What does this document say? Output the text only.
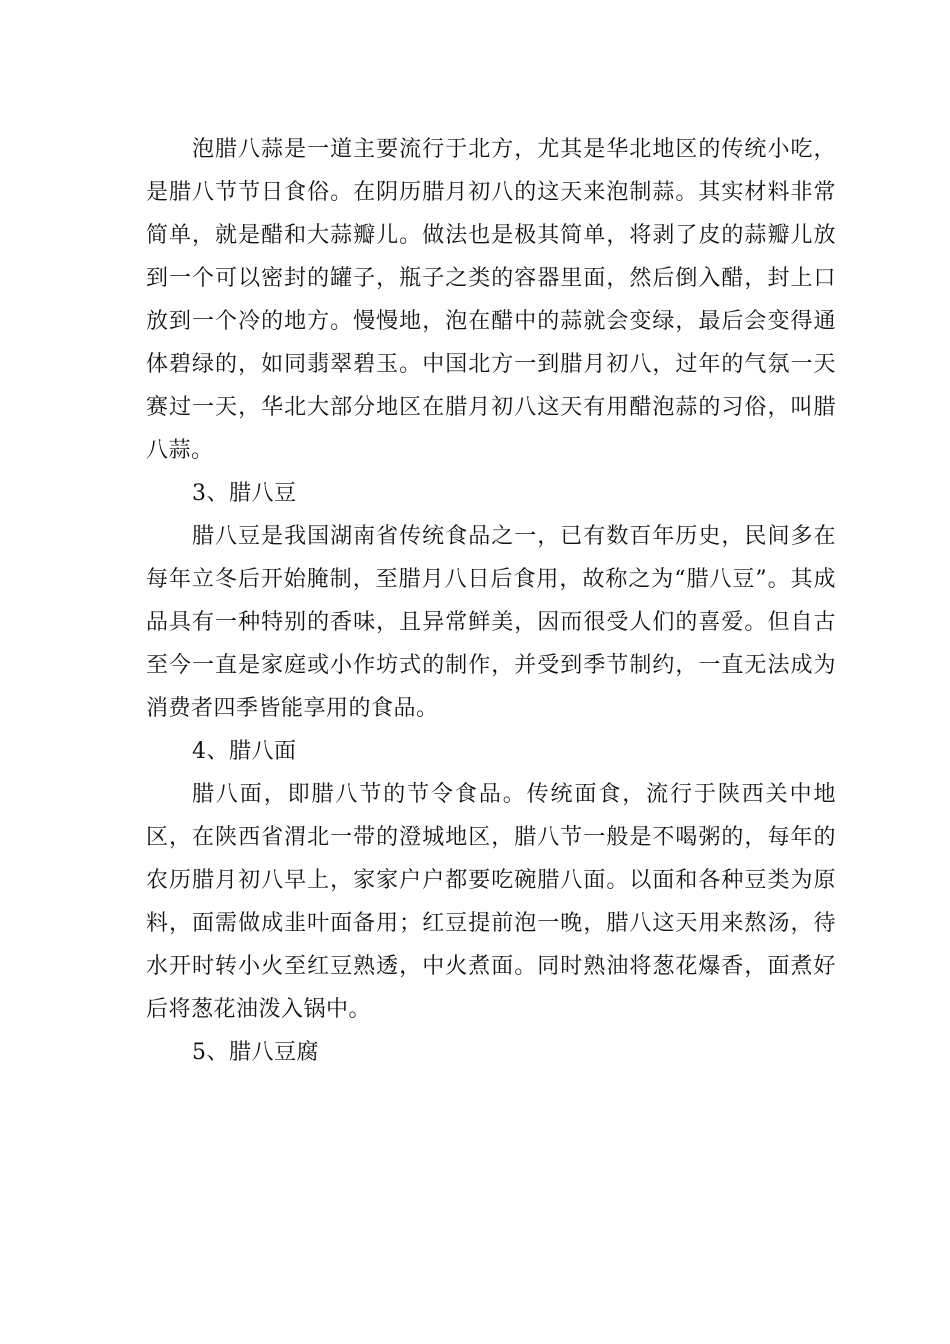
泡腊八蒜是一道主要流行于北方，尤其是华北地区的传统小吃，是腊八节节日食俗。在阴历腊月初八的这天来泡制蒜。其实材料非常简单，就是醋和大蒜瓣儿。做法也是极其简单，将剥了皮的蒜瓣儿放到一个可以密封的罐子，瓶子之类的容器里面，然后倒入醋，封上口放到一个冷的地方。慢慢地，泡在醋中的蒜就会变绿，最后会变得通体碧绿的，如同翡翠碧玉。中国北方一到腊月初八，过年的气氛一天赛过一天，华北大部分地区在腊月初八这天有用醋泡蒜的习俗，叫腊八蒜。

3、腊八豆

腊八豆是我国湖南省传统食品之一，已有数百年历史，民间多在每年立冬后开始腌制，至腊月八日后食用，故称之为“腊八豆”。其成品具有一种特别的香味，且异常鲜美，因而很受人们的喜爱。但自古至今一直是家庭或小作坊式的制作，并受到季节制约，一直无法成为消费者四季皆能享用的食品。

4、腊八面

腊八面，即腊八节的节令食品。传统面食，流行于陕西关中地区，在陕西省渭北一带的澄城地区，腊八节一般是不喝粥的，每年的农历腊月初八早上，家家户户都要吃碗腊八面。以面和各种豆类为原料，面需做成韭叶面备用；红豆提前泡一晚，腊八这天用来熬汤，待水开时转小火至红豆熟透，中火煮面。同时熟油将葱花爆香，面煮好后将葱花油泼入锅中。

5、腊八豆腐
